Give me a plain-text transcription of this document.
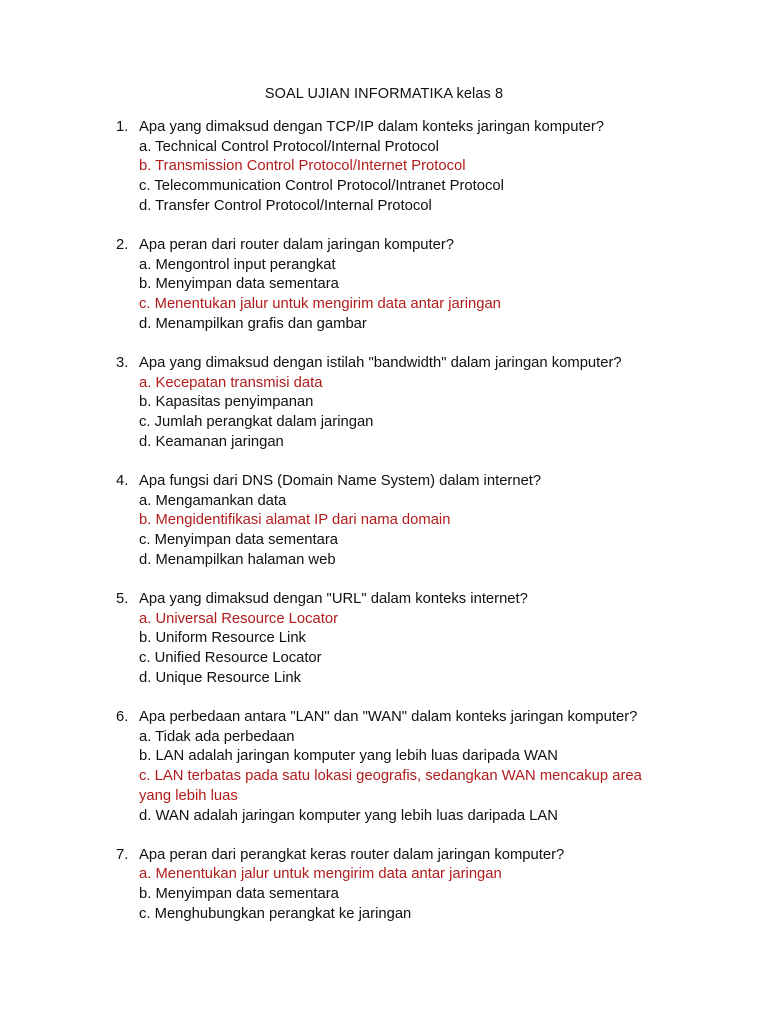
SOAL UJIAN INFORMATIKA kelas 8
1. Apa yang dimaksud dengan TCP/IP dalam konteks jaringan komputer?
a. Technical Control Protocol/Internal Protocol
b. Transmission Control Protocol/Internet Protocol
c. Telecommunication Control Protocol/Intranet Protocol
d. Transfer Control Protocol/Internal Protocol
2. Apa peran dari router dalam jaringan komputer?
a. Mengontrol input perangkat
b. Menyimpan data sementara
c. Menentukan jalur untuk mengirim data antar jaringan
d. Menampilkan grafis dan gambar
3. Apa yang dimaksud dengan istilah "bandwidth" dalam jaringan komputer?
a. Kecepatan transmisi data
b. Kapasitas penyimpanan
c. Jumlah perangkat dalam jaringan
d. Keamanan jaringan
4. Apa fungsi dari DNS (Domain Name System) dalam internet?
a. Mengamankan data
b. Mengidentifikasi alamat IP dari nama domain
c. Menyimpan data sementara
d. Menampilkan halaman web
5. Apa yang dimaksud dengan "URL" dalam konteks internet?
a. Universal Resource Locator
b. Uniform Resource Link
c. Unified Resource Locator
d. Unique Resource Link
6. Apa perbedaan antara "LAN" dan "WAN" dalam konteks jaringan komputer?
a. Tidak ada perbedaan
b. LAN adalah jaringan komputer yang lebih luas daripada WAN
c. LAN terbatas pada satu lokasi geografis, sedangkan WAN mencakup area yang lebih luas
d. WAN adalah jaringan komputer yang lebih luas daripada LAN
7. Apa peran dari perangkat keras router dalam jaringan komputer?
a. Menentukan jalur untuk mengirim data antar jaringan
b. Menyimpan data sementara
c. Menghubungkan perangkat ke jaringan
